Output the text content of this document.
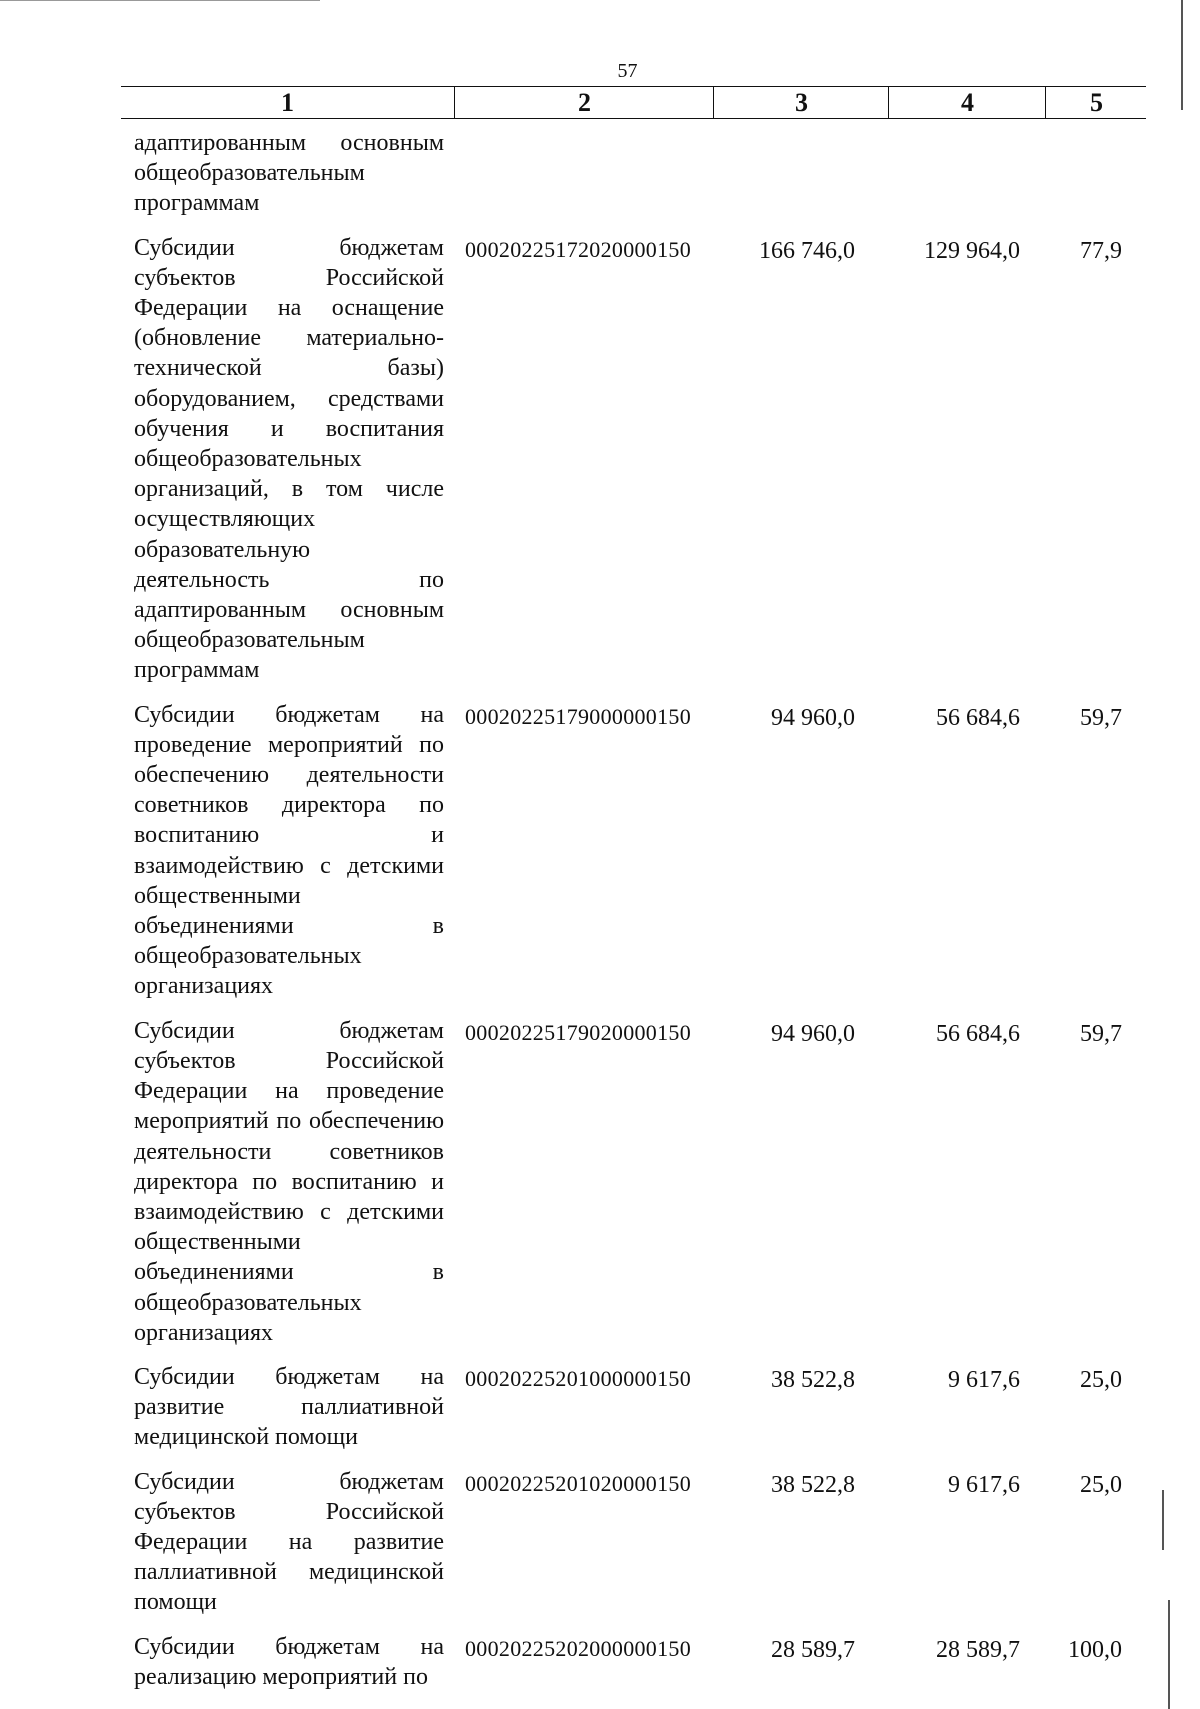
57
1	2	3	4	5
адаптированным основным общеобразовательным программам
Субсидии бюджетам субъектов Российской Федерации на оснащение (обновление материально-технической базы) оборудованием, средствами обучения и воспитания общеобразовательных организаций, в том числе осуществляющих образовательную деятельность по адаптированным основным общеобразовательным программам
00020225172020000150	166 746,0	129 964,0	77,9
Субсидии бюджетам на проведение мероприятий по обеспечению деятельности советников директора по воспитанию и взаимодействию с детскими общественными объединениями в общеобразовательных организациях
00020225179000000150	94 960,0	56 684,6	59,7
Субсидии бюджетам субъектов Российской Федерации на проведение мероприятий по обеспечению деятельности советников директора по воспитанию и взаимодействию с детскими общественными объединениями в общеобразовательных организациях
00020225179020000150	94 960,0	56 684,6	59,7
Субсидии бюджетам на развитие паллиативной медицинской помощи
00020225201000000150	38 522,8	9 617,6	25,0
Субсидии бюджетам субъектов Российской Федерации на развитие паллиативной медицинской помощи
00020225201020000150	38 522,8	9 617,6	25,0
Субсидии бюджетам на реализацию мероприятий по
00020225202000000150	28 589,7	28 589,7	100,0
